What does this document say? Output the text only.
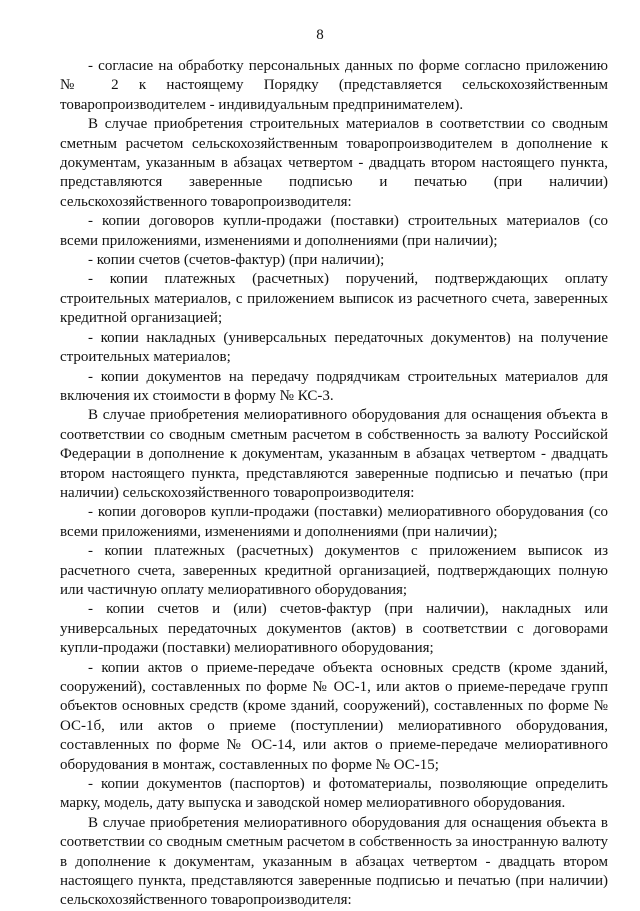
8

- согласие на обработку персональных данных по форме согласно приложению № 2 к настоящему Порядку (представляется сельскохозяйственным товаропроизводителем - индивидуальным предпринимателем).

В случае приобретения строительных материалов в соответствии со сводным сметным расчетом сельскохозяйственным товаропроизводителем в дополнение к документам, указанным в абзацах четвертом - двадцать втором настоящего пункта, представляются заверенные подписью и печатью (при наличии) сельскохозяйственного товаропроизводителя:

- копии договоров купли-продажи (поставки) строительных материалов (со всеми приложениями, изменениями и дополнениями (при наличии);

- копии счетов (счетов-фактур) (при наличии);

- копии платежных (расчетных) поручений, подтверждающих оплату строительных материалов, с приложением выписок из расчетного счета, заверенных кредитной организацией;

- копии накладных (универсальных передаточных документов) на получение строительных материалов;

- копии документов на передачу подрядчикам строительных материалов для включения их стоимости в форму № КС-3.

В случае приобретения мелиоративного оборудования для оснащения объекта в соответствии со сводным сметным расчетом в собственность за валюту Российской Федерации в дополнение к документам, указанным в абзацах четвертом - двадцать втором настоящего пункта, представляются заверенные подписью и печатью (при наличии) сельскохозяйственного товаропроизводителя:

- копии договоров купли-продажи (поставки) мелиоративного оборудования (со всеми приложениями, изменениями и дополнениями (при наличии);

- копии платежных (расчетных) документов с приложением выписок из расчетного счета, заверенных кредитной организацией, подтверждающих полную или частичную оплату мелиоративного оборудования;

- копии счетов и (или) счетов-фактур (при наличии), накладных или универсальных передаточных документов (актов) в соответствии с договорами купли-продажи (поставки) мелиоративного оборудования;

- копии актов о приеме-передаче объекта основных средств (кроме зданий, сооружений), составленных по форме № ОС-1, или актов о приеме-передаче групп объектов основных средств (кроме зданий, сооружений), составленных по форме № ОС-1б, или актов о приеме (поступлении) мелиоративного оборудования, составленных по форме № ОС-14, или актов о приеме-передаче мелиоративного оборудования в монтаж, составленных по форме № ОС-15;

- копии документов (паспортов) и фотоматериалы, позволяющие определить марку, модель, дату выпуска и заводской номер мелиоративного оборудования.

В случае приобретения мелиоративного оборудования для оснащения объекта в соответствии со сводным сметным расчетом в собственность за иностранную валюту в дополнение к документам, указанным в абзацах четвертом - двадцать втором настоящего пункта, представляются заверенные подписью и печатью (при наличии) сельскохозяйственного товаропроизводителя:
